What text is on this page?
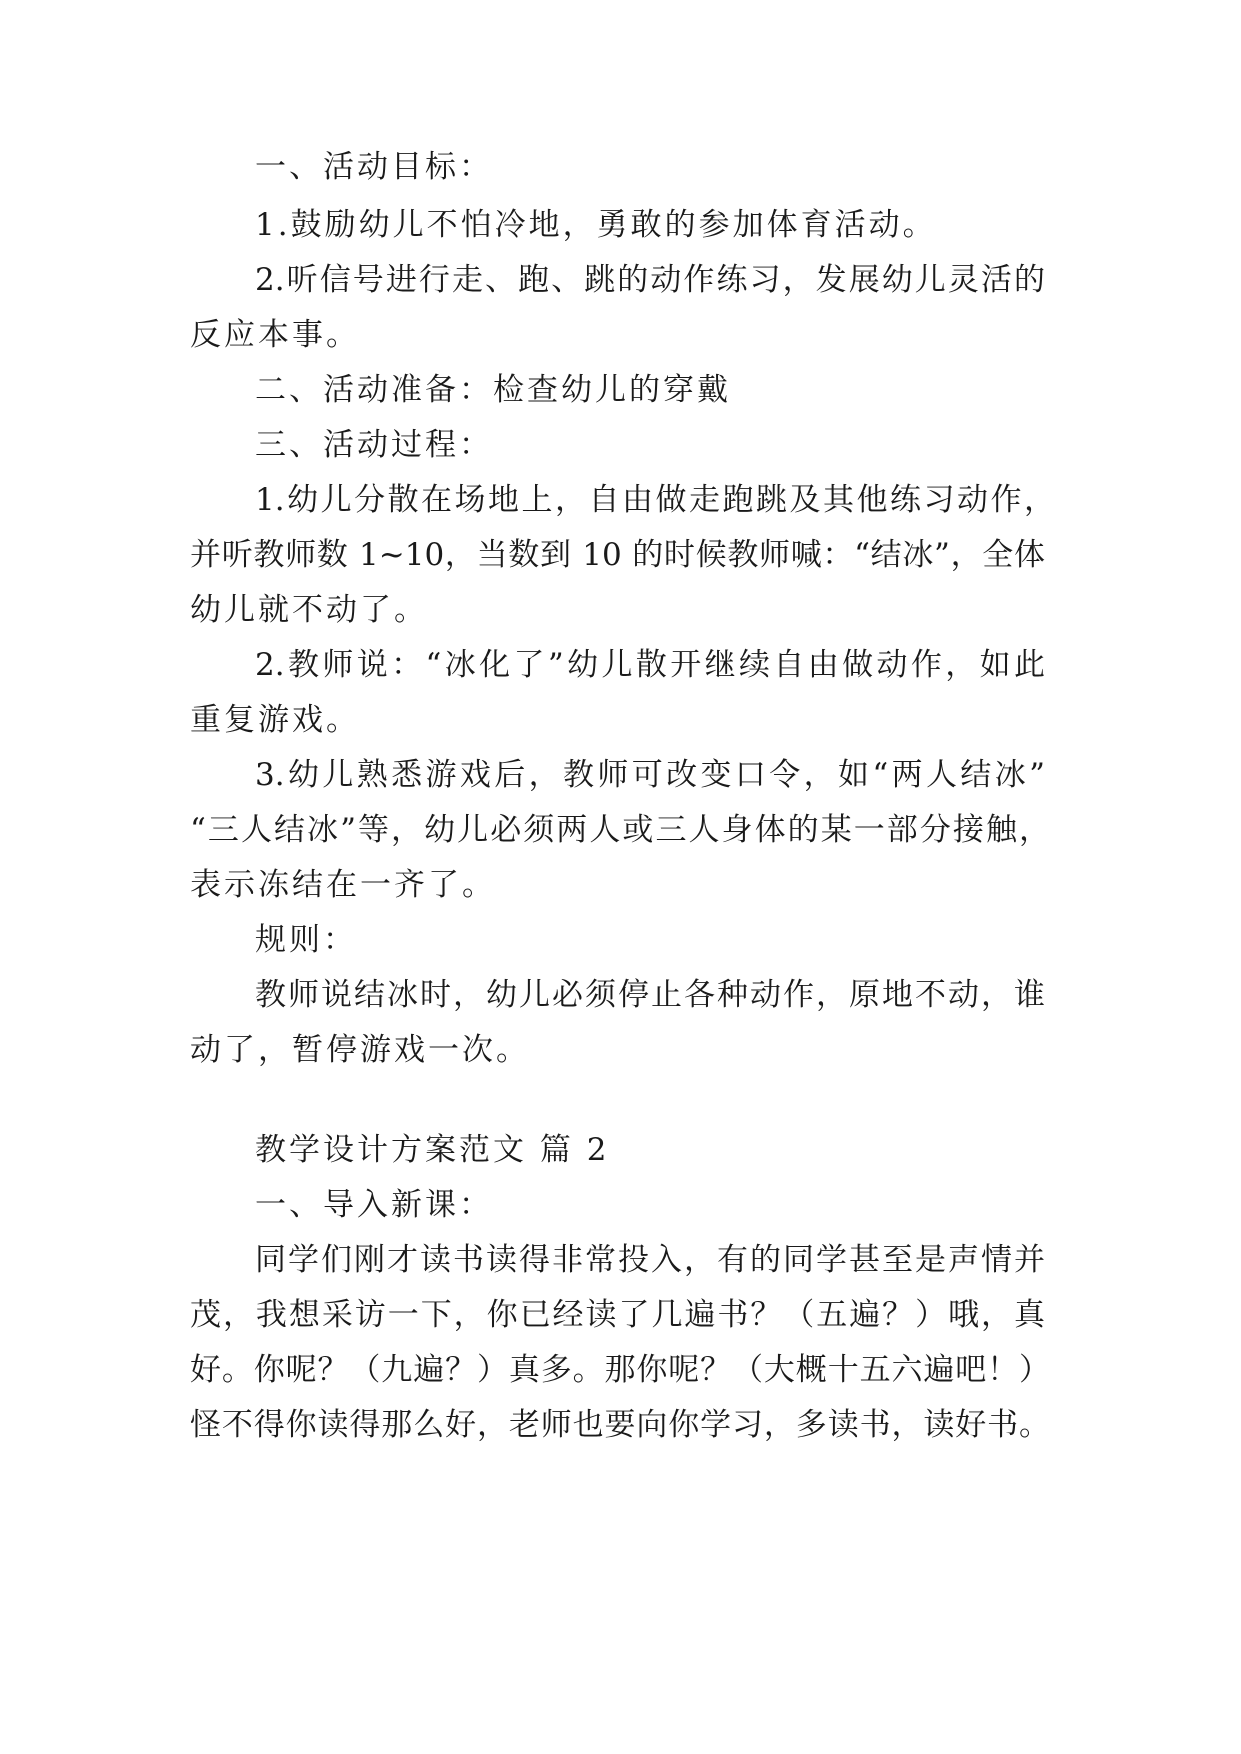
一、活动目标：
1.鼓励幼儿不怕冷地，勇敢的参加体育活动。
2.听信号进行走、跑、跳的动作练习，发展幼儿灵活的
反应本事。
二、活动准备：检查幼儿的穿戴
三、活动过程：
1.幼儿分散在场地上，自由做走跑跳及其他练习动作，
并听教师数 1~10，当数到 10 的时候教师喊：“结冰”，全体
幼儿就不动了。
2.教师说：“冰化了”幼儿散开继续自由做动作，如此
重复游戏。
3.幼儿熟悉游戏后，教师可改变口令，如“两人结冰”
“三人结冰”等，幼儿必须两人或三人身体的某一部分接触，
表示冻结在一齐了。
规则：
教师说结冰时，幼儿必须停止各种动作，原地不动，谁
动了，暂停游戏一次。
教学设计方案范文 篇 2
一、导入新课：
同学们刚才读书读得非常投入，有的同学甚至是声情并
茂，我想采访一下，你已经读了几遍书？（五遍？）哦，真
好。你呢？（九遍？）真多。那你呢？（大概十五六遍吧！）
怪不得你读得那么好，老师也要向你学习，多读书，读好书。
